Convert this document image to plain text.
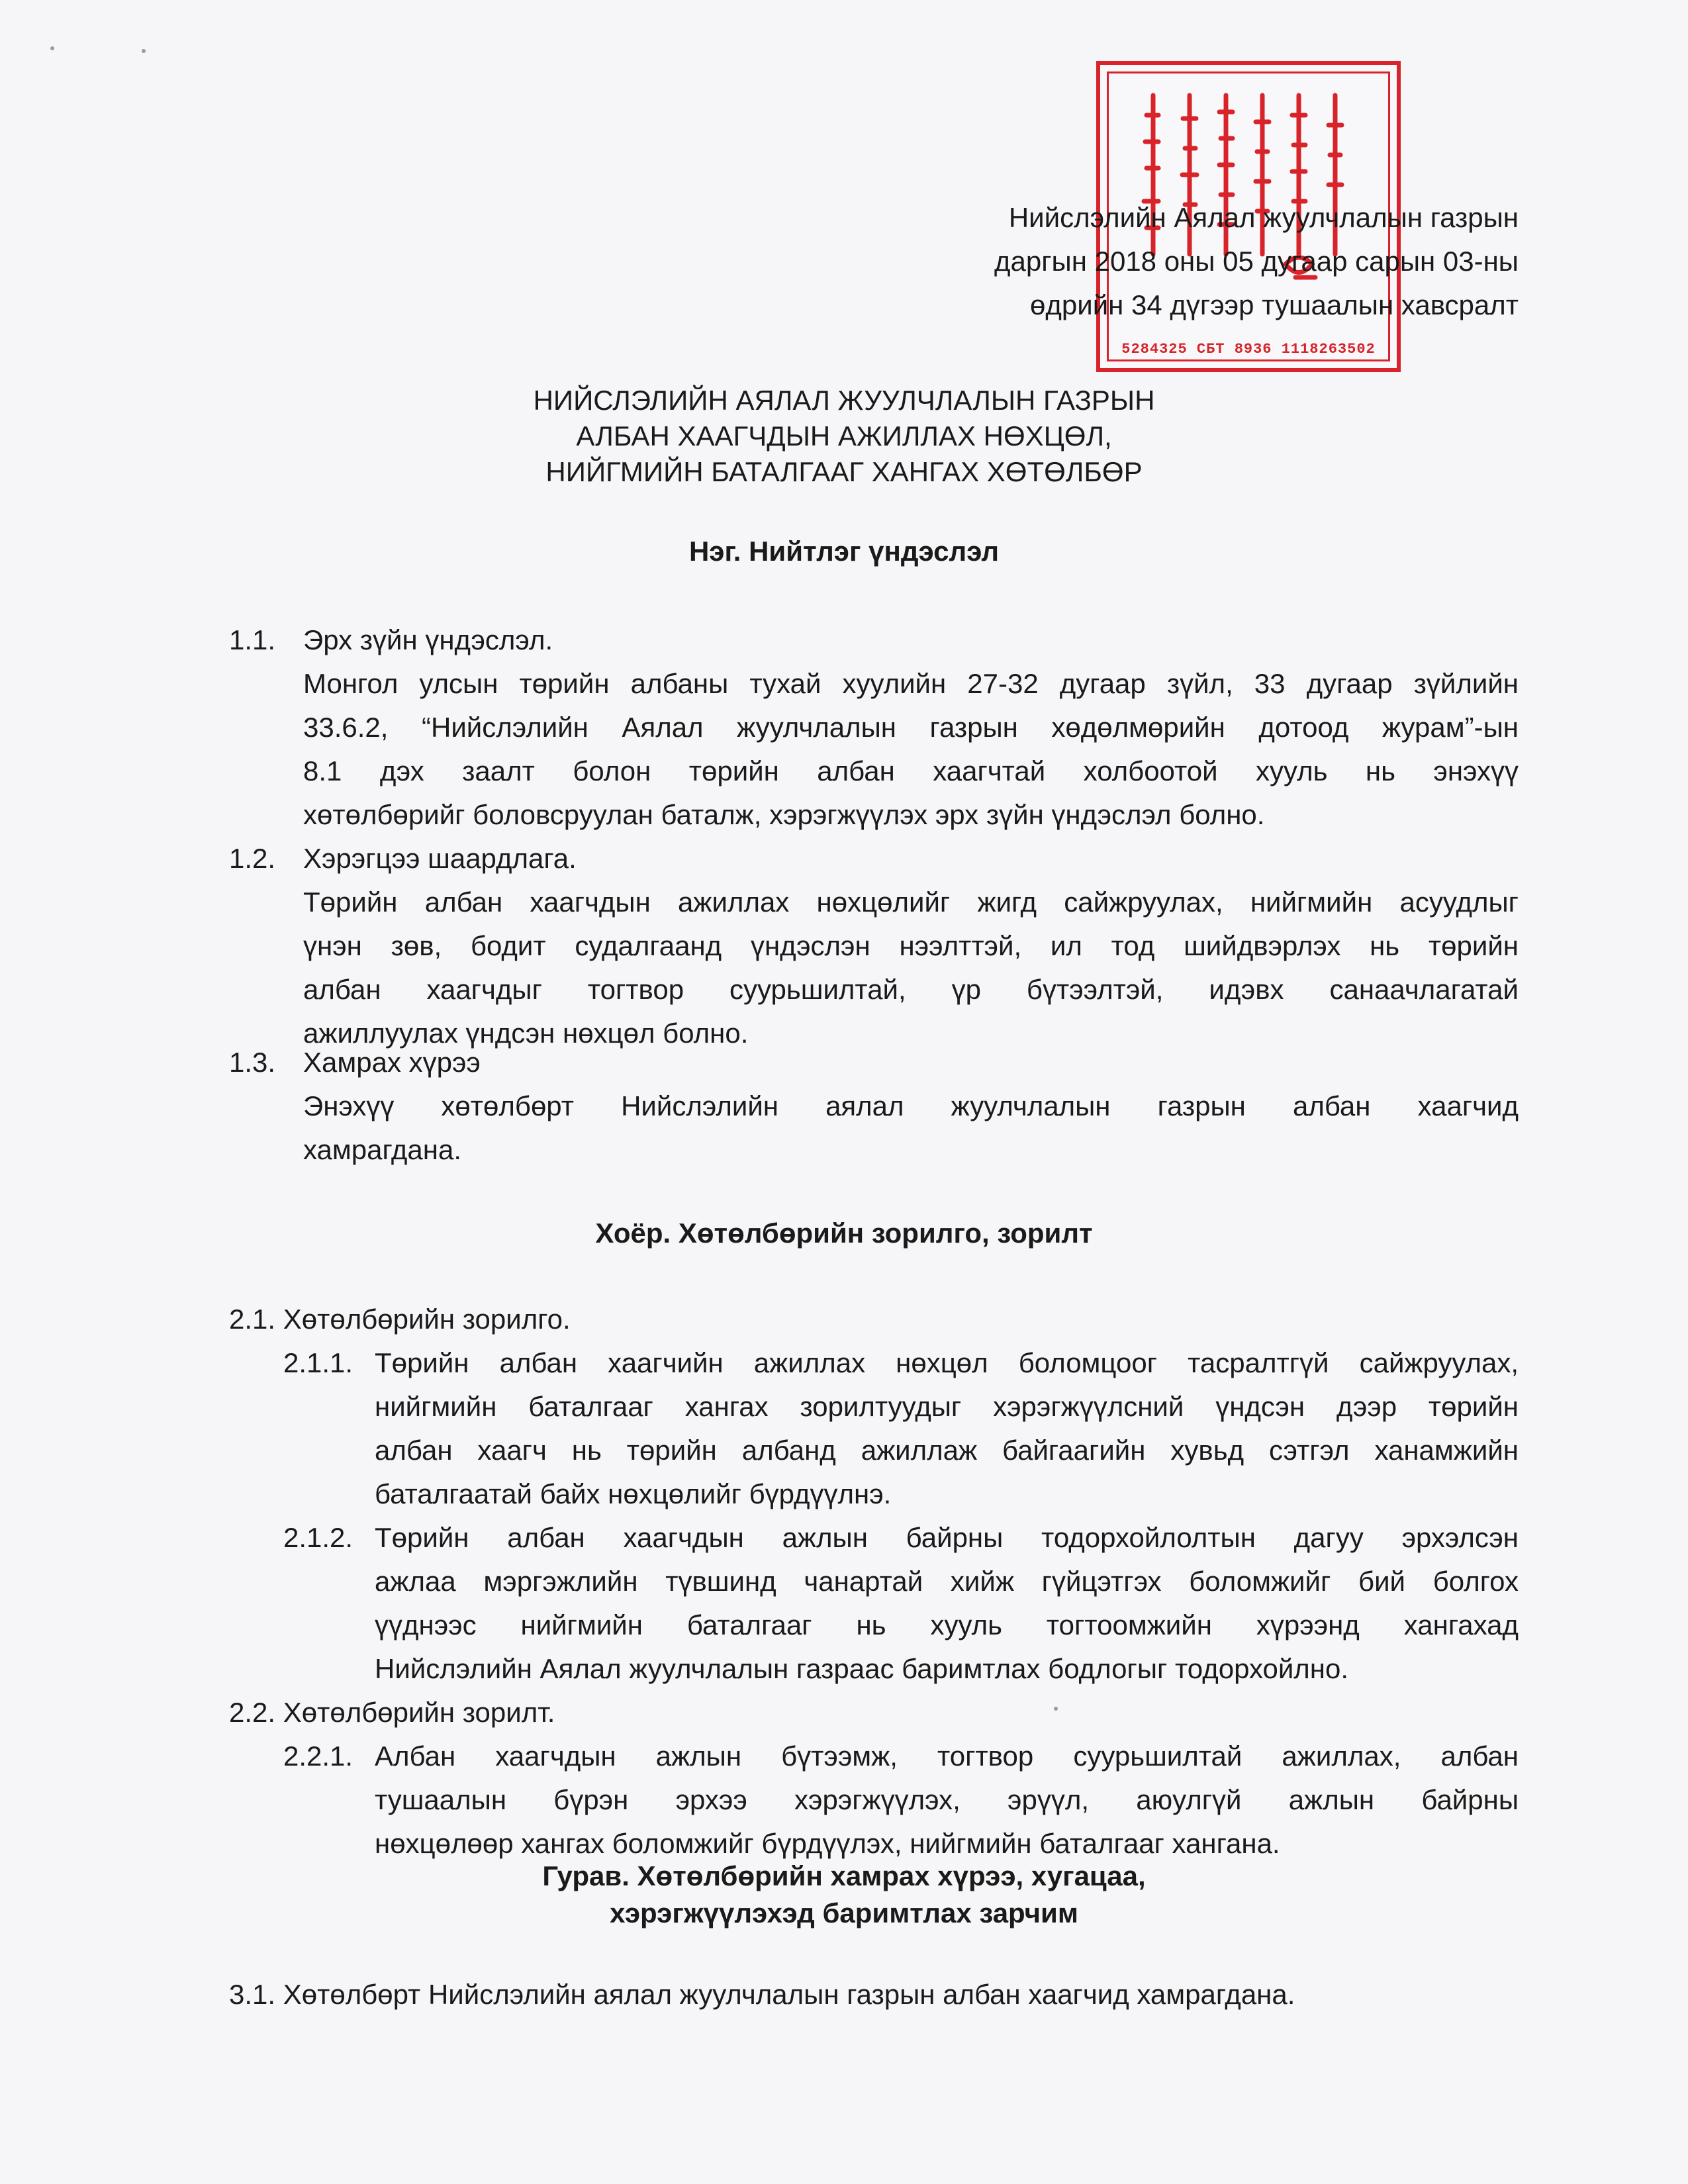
5284325 СБТ 8936 1118263502
Нийслэлийн Аялал жуулчлалын газрын
даргын 2018 оны 05 дугаар сарын 03-ны
өдрийн 34 дүгээр тушаалын хавсралт
НИЙСЛЭЛИЙН АЯЛАЛ ЖУУЛЧЛАЛЫН ГАЗРЫН
АЛБАН ХААГЧДЫН АЖИЛЛАХ НӨХЦӨЛ,
НИЙГМИЙН БАТАЛГААГ ХАНГАХ ХӨТӨЛБӨР
Нэг. Нийтлэг үндэслэл
1.1. Эрх зүйн үндэслэл.
Монгол улсын төрийн албаны тухай хуулийн 27-32 дугаар зүйл, 33 дугаар зүйлийн
33.6.2, “Нийслэлийн Аялал жуулчлалын газрын хөдөлмөрийн дотоод журам”-ын
8.1 дэх заалт болон төрийн албан хаагчтай холбоотой хууль нь энэхүү
хөтөлбөрийг боловсруулан баталж, хэрэгжүүлэх эрх зүйн үндэслэл болно.
1.2. Хэрэгцээ шаардлага.
Төрийн албан хаагчдын ажиллах нөхцөлийг жигд сайжруулах, нийгмийн асуудлыг
үнэн зөв, бодит судалгаанд үндэслэн нээлттэй, ил тод шийдвэрлэх нь төрийн
албан хаагчдыг тогтвор суурьшилтай, үр бүтээлтэй, идэвх санаачлагатай
ажиллуулах үндсэн нөхцөл болно.
1.3. Хамрах хүрээ
Энэхүү хөтөлбөрт Нийслэлийн аялал жуулчлалын газрын албан хаагчид
хамрагдана.
Хоёр. Хөтөлбөрийн зорилго, зорилт
2.1. Хөтөлбөрийн зорилго.
2.1.1. Төрийн албан хаагчийн ажиллах нөхцөл боломцоог тасралтгүй сайжруулах,
нийгмийн баталгааг хангах зорилтуудыг хэрэгжүүлсний үндсэн дээр төрийн
албан хаагч нь төрийн албанд ажиллаж байгаагийн хувьд сэтгэл ханамжийн
баталгаатай байх нөхцөлийг бүрдүүлнэ.
2.1.2. Төрийн албан хаагчдын ажлын байрны тодорхойлолтын дагуу эрхэлсэн
ажлаа мэргэжлийн түвшинд чанартай хийж гүйцэтгэх боломжийг бий болгох
үүднээс нийгмийн баталгааг нь хууль тогтоомжийн хүрээнд хангахад
Нийслэлийн Аялал жуулчлалын газраас баримтлах бодлогыг тодорхойлно.
2.2. Хөтөлбөрийн зорилт.
2.2.1. Албан хаагчдын ажлын бүтээмж, тогтвор суурьшилтай ажиллах, албан
тушаалын бүрэн эрхээ хэрэгжүүлэх, эрүүл, аюулгүй ажлын байрны
нөхцөлөөр хангах боломжийг бүрдүүлэх, нийгмийн баталгааг хангана.
Гурав. Хөтөлбөрийн хамрах хүрээ, хугацаа,
хэрэгжүүлэхэд баримтлах зарчим
3.1. Хөтөлбөрт Нийслэлийн аялал жуулчлалын газрын албан хаагчид хамрагдана.
